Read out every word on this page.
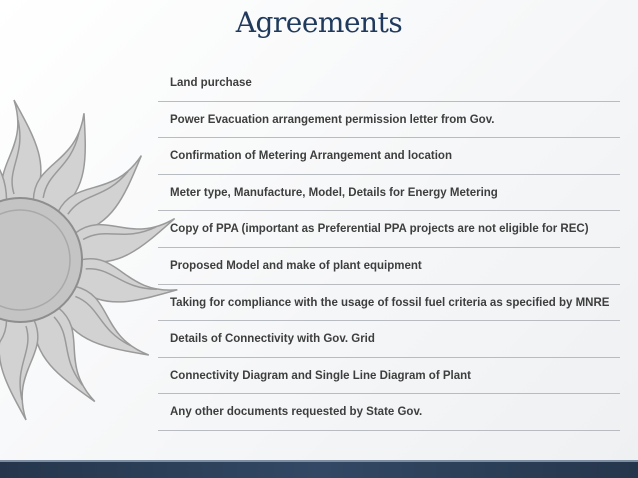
Agreements
Land purchase
Power Evacuation arrangement permission letter from Gov.
Confirmation of Metering Arrangement and location
Meter type, Manufacture, Model, Details for Energy Metering
Copy of PPA (important as Preferential PPA projects are not eligible for REC)
Proposed Model and make of plant equipment
Taking for compliance with the usage of fossil fuel criteria as specified by MNRE
Details of Connectivity with Gov. Grid
Connectivity Diagram and Single Line Diagram of Plant
Any other documents requested by State Gov.
